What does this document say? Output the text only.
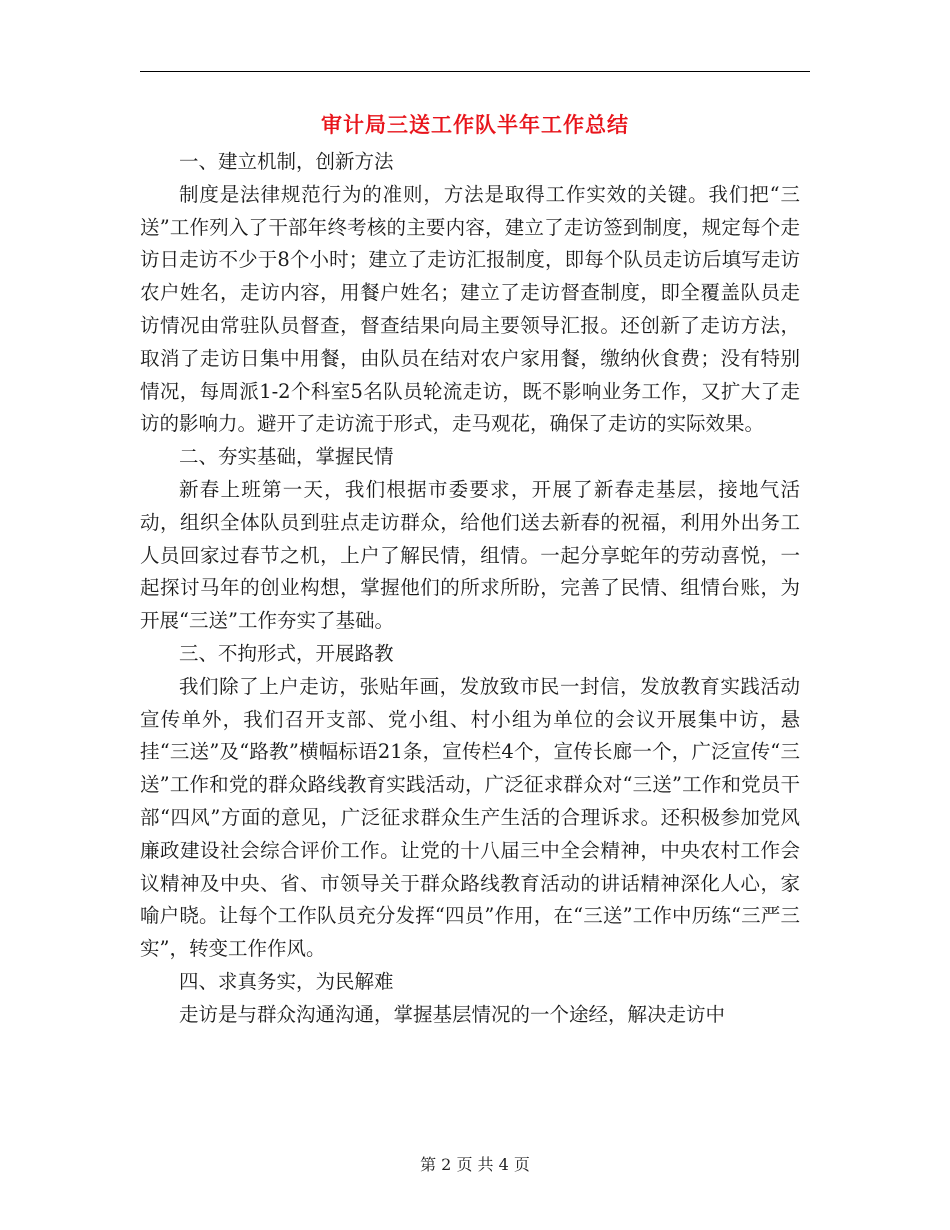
审计局三送工作队半年工作总结

一、建立机制，创新方法

制度是法律规范行为的准则，方法是取得工作实效的关键。我们把“三送”工作列入了干部年终考核的主要内容，建立了走访签到制度，规定每个走访日走访不少于8个小时；建立了走访汇报制度，即每个队员走访后填写走访农户姓名，走访内容，用餐户姓名；建立了走访督查制度，即全覆盖队员走访情况由常驻队员督查，督查结果向局主要领导汇报。还创新了走访方法，取消了走访日集中用餐，由队员在结对农户家用餐，缴纳伙食费；没有特别情况，每周派1-2个科室5名队员轮流走访，既不影响业务工作，又扩大了走访的影响力。避开了走访流于形式，走马观花，确保了走访的实际效果。

二、夯实基础，掌握民情

新春上班第一天，我们根据市委要求，开展了新春走基层，接地气活动，组织全体队员到驻点走访群众，给他们送去新春的祝福，利用外出务工人员回家过春节之机，上户了解民情，组情。一起分享蛇年的劳动喜悦，一起探讨马年的创业构想，掌握他们的所求所盼，完善了民情、组情台账，为开展“三送”工作夯实了基础。

三、不拘形式，开展路教

我们除了上户走访，张贴年画，发放致市民一封信，发放教育实践活动宣传单外，我们召开支部、党小组、村小组为单位的会议开展集中访，悬挂“三送”及“路教”横幅标语21条，宣传栏4个，宣传长廊一个，广泛宣传“三送”工作和党的群众路线教育实践活动，广泛征求群众对“三送”工作和党员干部“四风”方面的意见，广泛征求群众生产生活的合理诉求。还积极参加党风廉政建设社会综合评价工作。让党的十八届三中全会精神，中央农村工作会议精神及中央、省、市领导关于群众路线教育活动的讲话精神深化人心，家喻户晓。让每个工作队员充分发挥“四员”作用，在“三送”工作中历练“三严三实”，转变工作作风。

四、求真务实，为民解难

走访是与群众沟通沟通，掌握基层情况的一个途经，解决走访中

第 2 页 共 4 页
